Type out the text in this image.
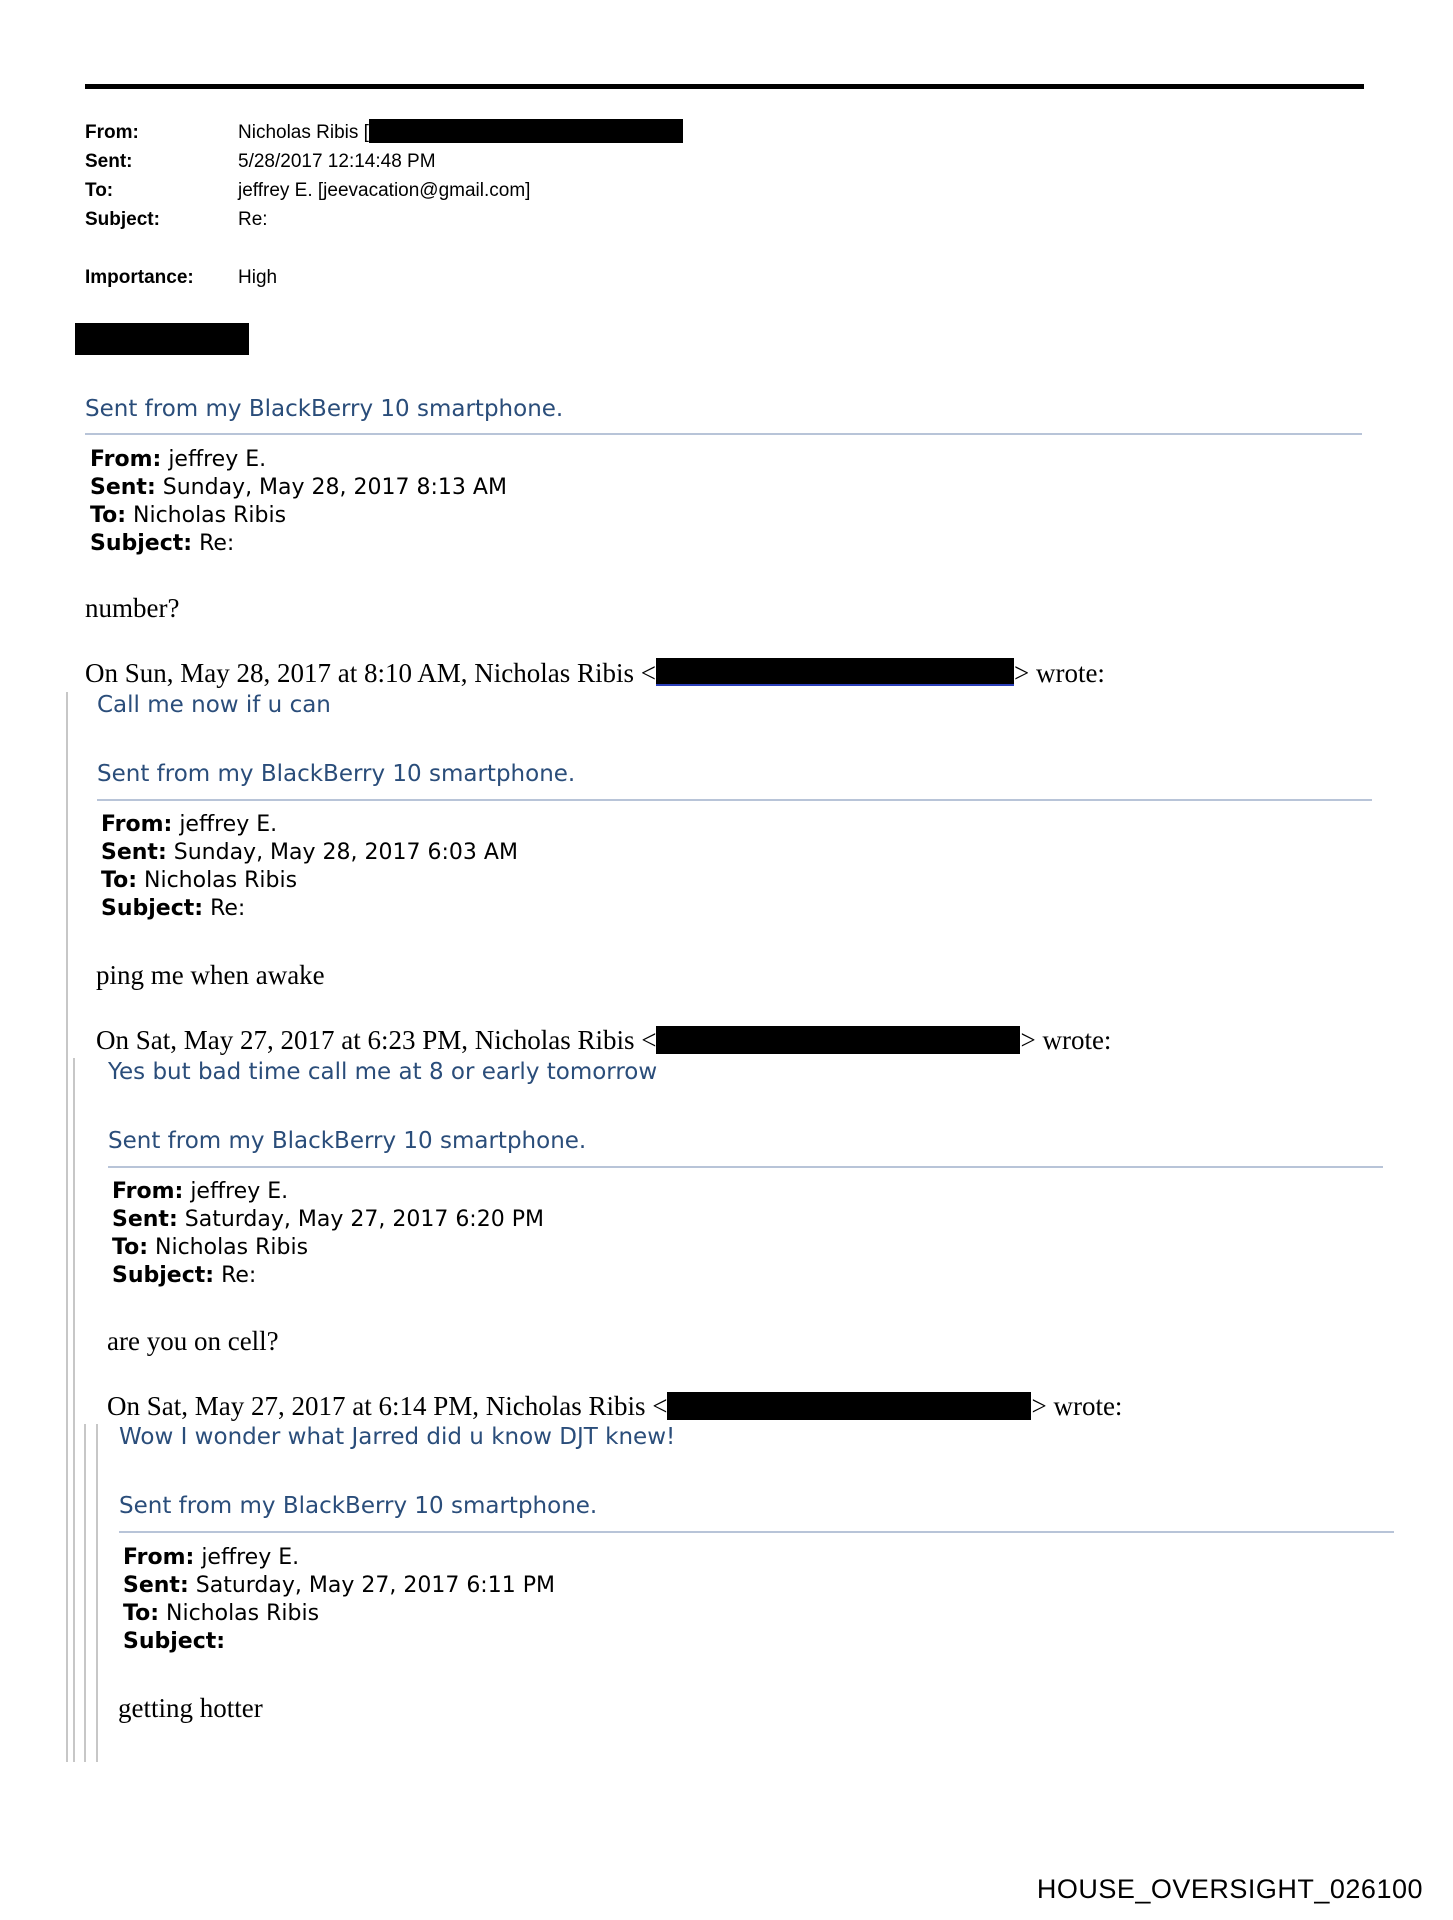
From:	Nicholas Ribis [
Sent:	5/28/2017 12:14:48 PM
To:	jeffrey E. [jeevacation@gmail.com]
Subject:	Re:
Importance: High
Sent from my BlackBerry 10 smartphone.
From: jeffrey E.
Sent: Sunday, May 28, 2017 8:13 AM
To: Nicholas Ribis
Subject: Re:
number?
On Sun, May 28, 2017 at 8:10 AM, Nicholas Ribis <	> wrote:
Call me now if u can
Sent from my BlackBerry 10 smartphone.
From: jeffrey E.
Sent: Sunday, May 28, 2017 6:03 AM
To: Nicholas Ribis
Subject: Re:
ping me when awake
On Sat, May 27, 2017 at 6:23 PM, Nicholas Ribis <	> wrote:
Yes but bad time call me at 8 or early tomorrow
Sent from my BlackBerry 10 smartphone.
From: jeffrey E.
Sent: Saturday, May 27, 2017 6:20 PM
To: Nicholas Ribis
Subject: Re:
are you on cell?
On Sat, May 27, 2017 at 6:14 PM, Nicholas Ribis <	> wrote:
Wow I wonder what Jarred did u know DJT knew!
Sent from my BlackBerry 10 smartphone.
From: jeffrey E.
Sent: Saturday, May 27, 2017 6:11 PM
To: Nicholas Ribis
Subject:
getting hotter
HOUSE_OVERSIGHT_026100
